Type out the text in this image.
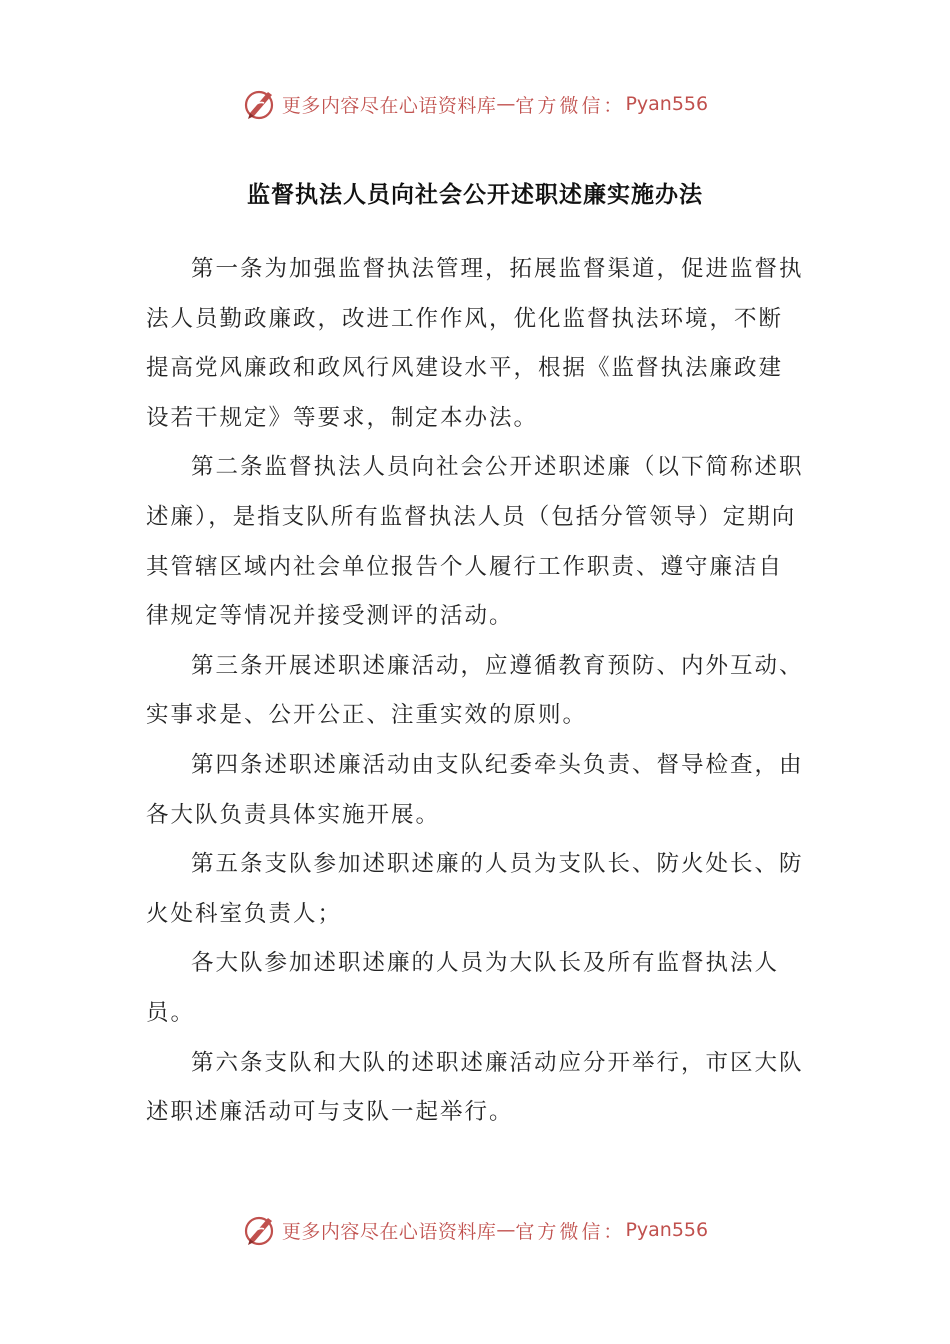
更多内容尽在心语资料库 — 官方微信： Pyan556
监督执法人员向社会公开述职述廉实施办法

第一条为加强监督执法管理，拓展监督渠道，促进监督执法人员勤政廉政，改进工作作风，优化监督执法环境，不断提高党风廉政和政风行风建设水平，根据《监督执法廉政建设若干规定》等要求，制定本办法。

第二条监督执法人员向社会公开述职述廉（以下简称述职述廉），是指支队所有监督执法人员（包括分管领导）定期向其管辖区域内社会单位报告个人履行工作职责、遵守廉洁自律规定等情况并接受测评的活动。

第三条开展述职述廉活动，应遵循教育预防、内外互动、实事求是、公开公正、注重实效的原则。

第四条述职述廉活动由支队纪委牵头负责、督导检查，由各大队负责具体实施开展。

第五条支队参加述职述廉的人员为支队长、防火处长、防火处科室负责人；

各大队参加述职述廉的人员为大队长及所有监督执法人员。

第六条支队和大队的述职述廉活动应分开举行，市区大队述职述廉活动可与支队一起举行。

更多内容尽在心语资料库 — 官方微信： Pyan556
